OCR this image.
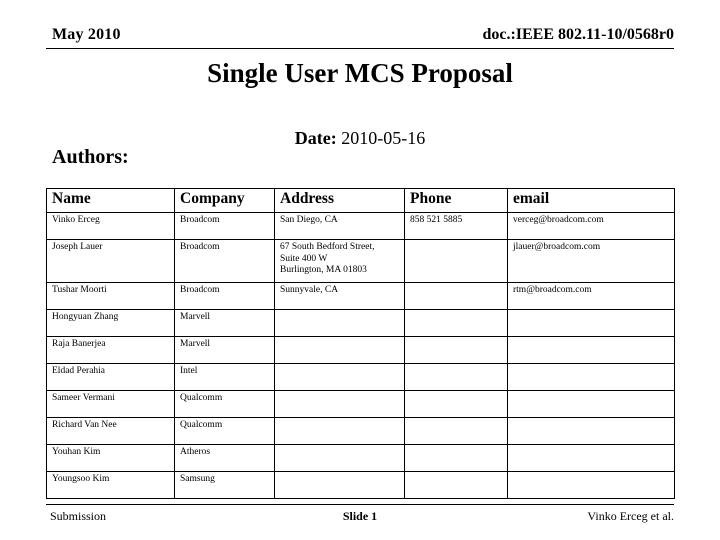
May 2010	doc.:IEEE 802.11-10/0568r0
Single User MCS Proposal
Date: 2010-05-16
Authors:
Name	Company	Address	Phone	email
Vinko Erceg	Broadcom	San Diego, CA	858 521 5885	verceg@broadcom.com
Joseph Lauer	Broadcom	67 South Bedford Street,
Suite 400 W
Burlington, MA 01803		jlauer@broadcom.com
Tushar Moorti	Broadcom	Sunnyvale, CA		rtm@broadcom.com
Hongyuan Zhang	Marvell			
Raja Banerjea	Marvell			
Eldad Perahia	Intel			
Sameer Vermani	Qualcomm			
Richard Van Nee	Qualcomm			
Youhan Kim	Atheros			
Youngsoo Kim	Samsung			
Submission	Slide 1	Vinko Erceg et al.
